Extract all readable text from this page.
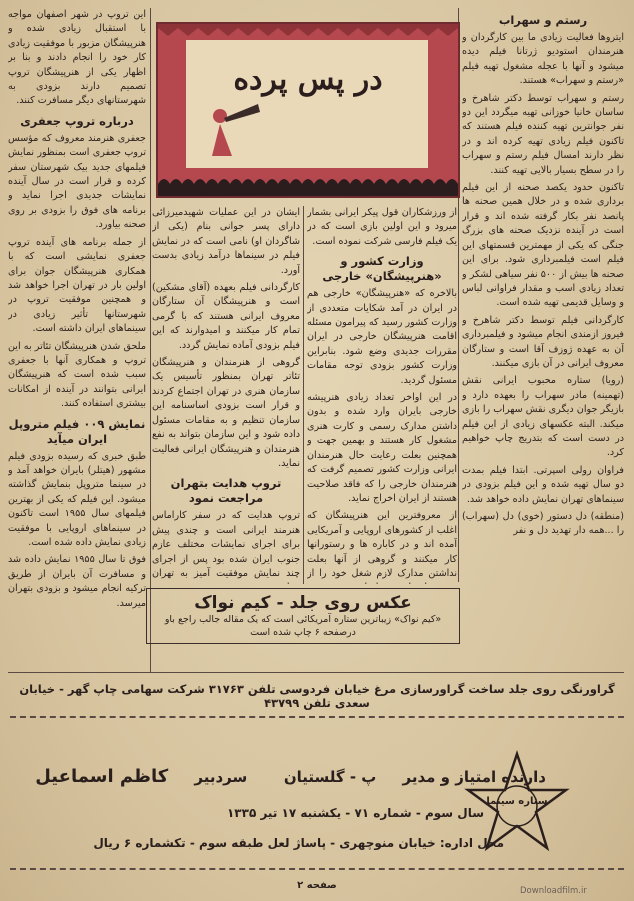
رستم و سهراب

ایتروها فعالیت زیادی ما بین کارگردان و هنرمندان استودیو ژرتانا فیلم دیده میشود و آنها با عجله مشغول تهیه فیلم «رستم و سهراب» هستند.

رستم و سهراب توسط دکتر شاهرخ و ساسان خانیا خوزانی تهیه میگردد این دو نفر جوانترین تهیه کننده فیلم هستند که تاکنون فیلم زیادی تهیه کرده اند و در نظر دارند امسال فیلم رستم و سهراب را در سطح بسیار بالایی تهیه کنند.

تاکنون حدود یکصد صحنه از این فیلم برداری شده و در خلال همین صحنه ها پانصد نفر بکار گرفته شده اند و قرار است در آینده نزدیک صحنه های بزرگ جنگی که یکی از مهمترین قسمتهای این فیلم است فیلمبرداری شود. برای این صحنه ها بیش از ۵۰۰ نفر سیاهی لشکر و تعداد زیادی اسب و مقدار فراوانی لباس و وسایل قدیمی تهیه شده است.

کارگردانی فیلم توسط دکتر شاهرخ و فیروز ازمندی انجام میشود و فیلمبرداری آن به عهده ژوزف آقا است و ستارگان معروف ایرانی در آن بازی میکنند.

(رویا) ستاره محبوب ایرانی نقش (تهمینه) مادر سهراب را بعهده دارد و بازیگر جوان دیگری نقش سهراب را بازی میکند. البته عکسهای زیادی از این فیلم در دست است که بتدریج چاپ خواهیم کرد.

فراوان رولی اسپرتی. ابتدا فیلم بمدت دو سال تهیه شده و این فیلم بزودی در سینماهای تهران نمایش داده خواهد شد.

(منطقه) دل دستور (خوی) دل (سهراب) را ...همه دار تهدید دل و نفر

در پس پرده

از ورزشکاران قول پیکر ایرانی بشمار میرود و این اولین بازی است که در یک فیلم فارسی شرکت نموده است.

وزارت کشور و «هنرپیشگان» خارجی

بالاخره که «هنرپیشگان» خارجی هم در ایران در آمد شکایات متعددی از وزارت کشور رسید که پیرامون مسئله اقامت هنرپیشگان خارجی در ایران مقررات جدیدی وضع شود. بنابراین وزارت کشور بزودی توجه مقامات مسئول گردید.

در این اواخر تعداد زیادی هنرپیشه خارجی بایران وارد شده و بدون داشتن مدارک رسمی و کارت هنری مشغول کار هستند و بهمین جهت و همچنین بعلت رعایت حال هنرمندان ایرانی وزارت کشور تصمیم گرفت که هنرمندان خارجی را که فاقد صلاحیت هستند از ایران اخراج نماید.

از معروفترین این هنرپیشگان که اغلب از کشورهای اروپایی و آمریکایی آمده اند و در کاباره ها و رستورانها کار میکنند و گروهی از آنها بعلت نداشتن مدارک لازم شغل خود را از

ایشان در این عملیات شهیدمیرزائی دارای پسر جوانی بنام (یکی از شاگردان او) نامی است که در نمایش فیلم در سینماها درآمد زیادی بدست آورد.

کارگردانی فیلم بعهده (آقای مشکین) است و هنرپیشگان آن ستارگان معروف ایرانی هستند که با گرمی تمام کار میکنند و امیدوارند که این فیلم بزودی آماده نمایش گردد.

گروهی از هنرمندان و هنرپیشگان تئاتر تهران بمنظور تأسیس یک سازمان هنری در تهران اجتماع کردند و قرار است بزودی اساسنامه این سازمان تنظیم و به مقامات مسئول داده شود و این سازمان بتواند به نفع هنرمندان و هنرپیشگان ایرانی فعالیت نماید.

تروپ هدایت بتهران مراجعت نمود

تروپ هدایت که در سفر کاراماس هنرمند ایرانی است و چندی پیش برای اجرای نمایشات مختلف عازم جنوب ایران شده بود پس از اجرای چند نمایش موفقیت آمیز به تهران

این تروپ در شهر اصفهان مواجه با استقبال زیادی شده و هنرپیشگان مزبور با موفقیت زیادی کار خود را انجام دادند و بنا بر اظهار یکی از هنرپیشگان تروپ تصمیم دارند بزودی به شهرستانهای دیگر مسافرت کنند.

درباره تروپ جعفری

جعفری هنرمند معروف که مؤسس تروپ جعفری است بمنظور نمایش فیلمهای جدید بیک شهرستان سفر کرده و قرار است در سال آینده نمایشات جدیدی اجرا نماید و برنامه های فوق را بزودی بر روی صحنه بیاورد.

از جمله برنامه های آینده تروپ جعفری نمایشی است که با همکاری هنرپیشگان جوان برای اولین بار در تهران اجرا خواهد شد و همچنین موفقیت تروپ در شهرستانها تأثیر زیادی در سینماهای ایران داشته است.

ملحق شدن هنرپیشگان تئاتر به این تروپ و همکاری آنها با جعفری سبب شده است که هنرپیشگان ایرانی بتوانند در آینده از امکانات بیشتری استفاده کنند.

نمایش ۰۰۹ فیلم متروپل ایران میآید

طبق خبری که رسیده بزودی فیلم مشهور (هیتلر) بایران خواهد آمد و در سینما متروپل بنمایش گذاشته میشود. این فیلم که یکی از بهترین فیلمهای سال ۱۹۵۵ است تاکنون در سینماهای اروپایی با موفقیت زیادی نمایش داده شده است.

فوق تا سال ۱۹۵۵ نمایش داده شد و مسافرت آن بایران از طریق ترکیه انجام میشود و بزودی بتهران میرسد.	عکس روی جلد - کیم نواک
«کیم نواک» زیباترین ستاره آمریکائی است که یک مقاله جالب راجع باو درصفحه ۶ چاپ شده است
گراورنگی روی جلد ساخت گراورسازی مرغ خیابان فردوسی تلفن ۳۱۷۶۳ شرکت سهامی چاپ گهر - خیابان سعدی تلفن ۴۳۷۹۹
دارنده امتیاز و مدیر     پ - گلستیان       سردبیر     کاظم اسماعیل
سال سوم - شماره ۷۱ - یکشنبه ۱۷ تیر ۱۳۳۵
محل اداره: خیابان منوچهری - پاساژ لعل طبقه سوم - تکشماره ۶ ریال
ستاره سینما
صفحه ۲	Downloadfilm.ir
